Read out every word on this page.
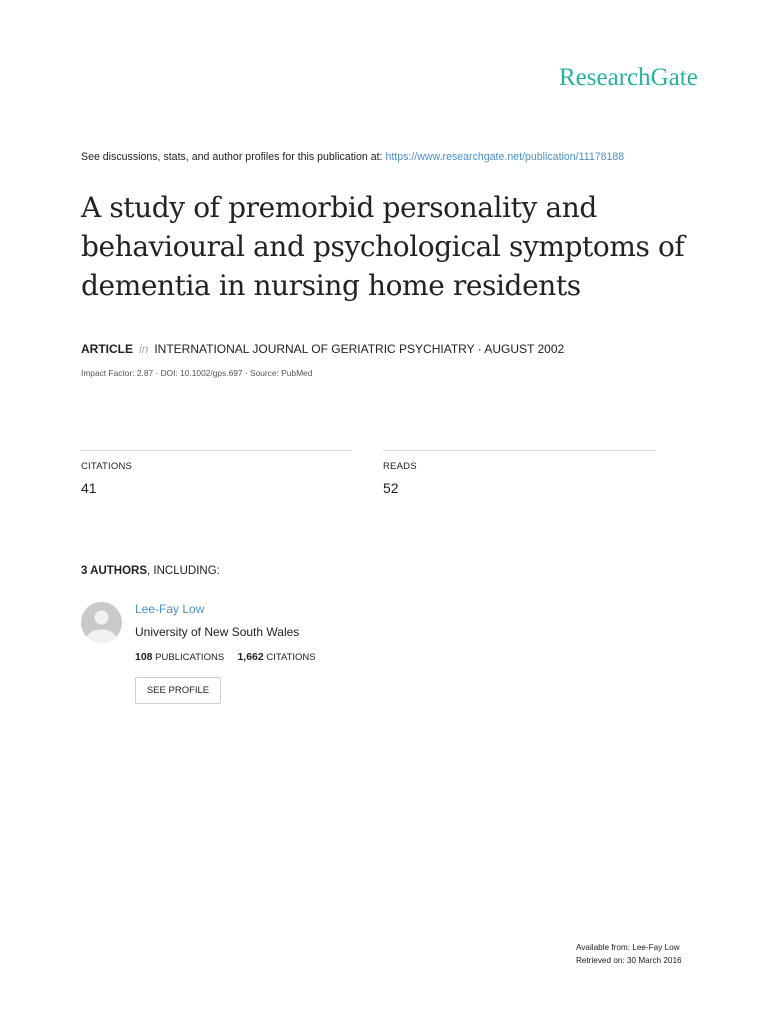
ResearchGate
See discussions, stats, and author profiles for this publication at: https://www.researchgate.net/publication/11178188
A study of premorbid personality and behavioural and psychological symptoms of dementia in nursing home residents
ARTICLE in INTERNATIONAL JOURNAL OF GERIATRIC PSYCHIATRY · AUGUST 2002
Impact Factor: 2.87 · DOI: 10.1002/gps.697 · Source: PubMed
CITATIONS
41
READS
52
3 AUTHORS, INCLUDING:
Lee-Fay Low
University of New South Wales
108 PUBLICATIONS 1,662 CITATIONS
SEE PROFILE
Available from: Lee-Fay Low
Retrieved on: 30 March 2016
